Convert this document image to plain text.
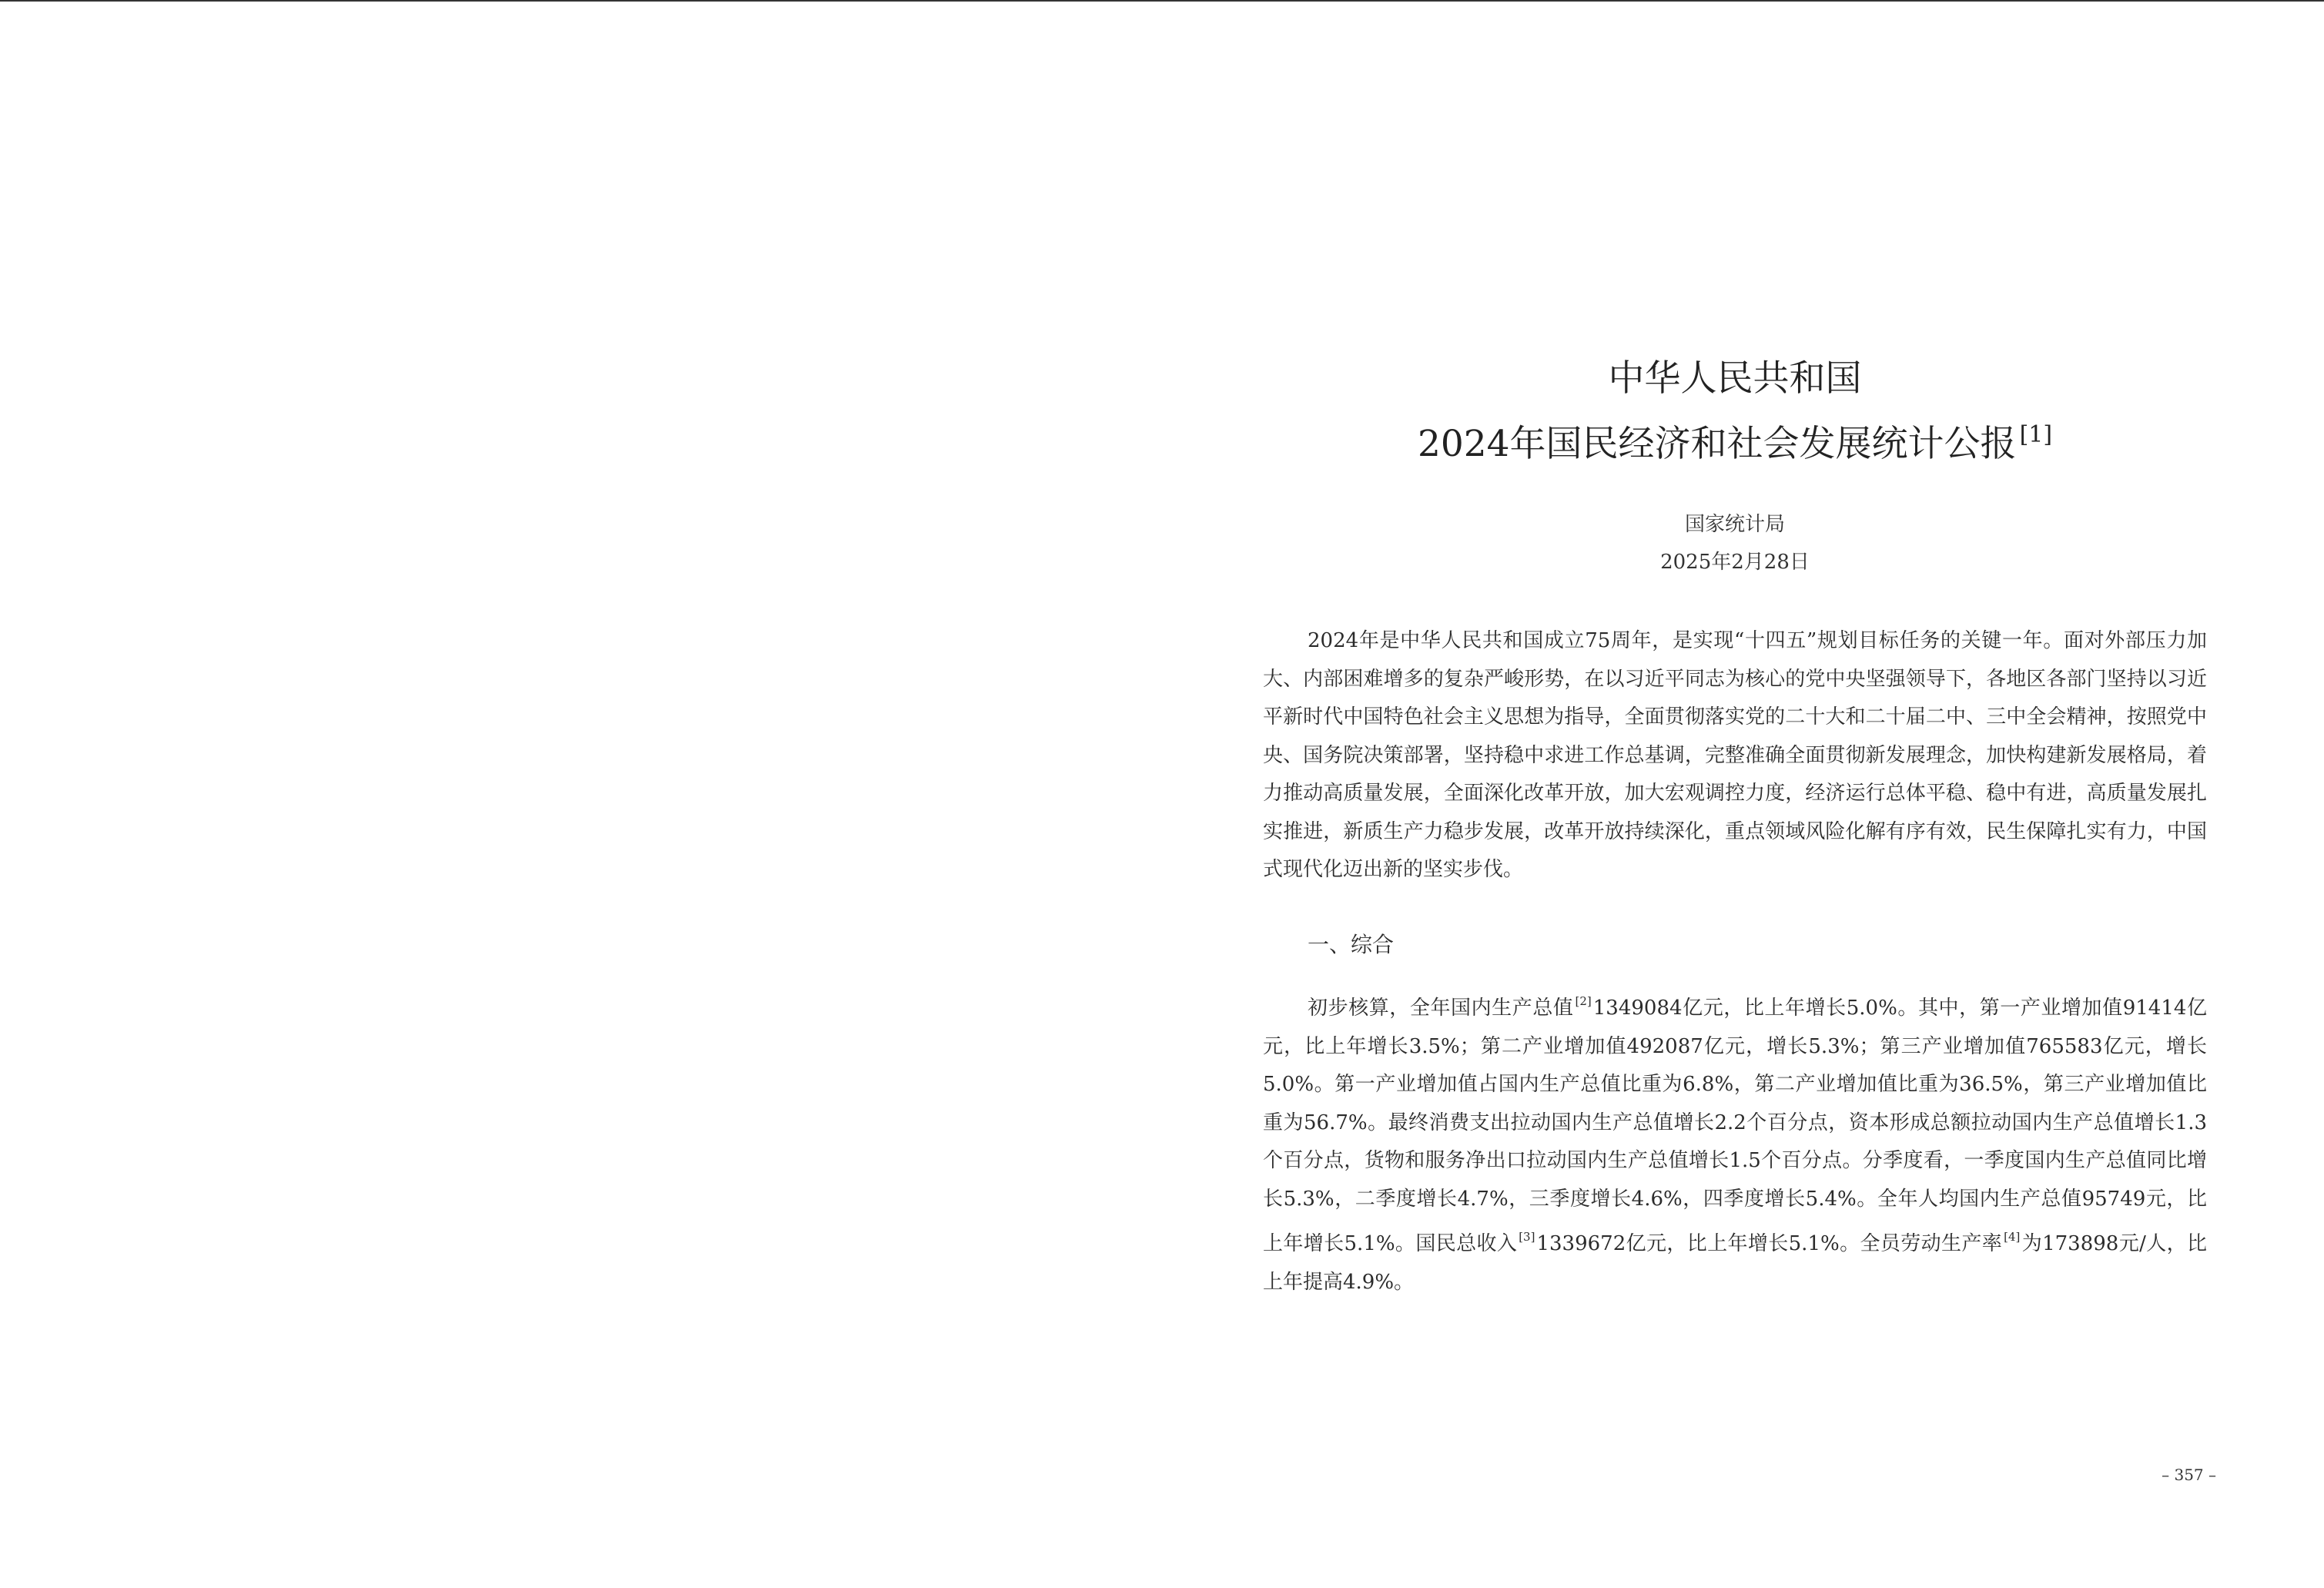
中华人民共和国
2024年国民经济和社会发展统计公报 [1]
国家统计局
2025年2月28日

2024年是中华人民共和国成立75周年，是实现“十四五”规划目标任务的关键一年。面对外部压力加大、内部困难增多的复杂严峻形势，在以习近平同志为核心的党中央坚强领导下，各地区各部门坚持以习近平新时代中国特色社会主义思想为指导，全面贯彻落实党的二十大和二十届二中、三中全会精神，按照党中央、国务院决策部署，坚持稳中求进工作总基调，完整准确全面贯彻新发展理念，加快构建新发展格局，着力推动高质量发展，全面深化改革开放，加大宏观调控力度，经济运行总体平稳、稳中有进，高质量发展扎实推进，新质生产力稳步发展，改革开放持续深化，重点领域风险化解有序有效，民生保障扎实有力，中国式现代化迈出新的坚实步伐。

一、综合

初步核算，全年国内生产总值 [2]1349084亿元，比上年增长5.0%。其中，第一产业增加值91414亿元，比上年增长3.5%；第二产业增加值492087亿元，增长5.3%；第三产业增加值765583亿元，增长5.0%。第一产业增加值占国内生产总值比重为6.8%，第二产业增加值比重为36.5%，第三产业增加值比重为56.7%。最终消费支出拉动国内生产总值增长2.2个百分点，资本形成总额拉动国内生产总值增长1.3个百分点，货物和服务净出口拉动国内生产总值增长1.5个百分点。分季度看，一季度国内生产总值同比增长5.3%，二季度增长4.7%，三季度增长4.6%，四季度增长5.4%。全年人均国内生产总值95749元，比上年增长5.1%。国民总收入 [3]1339672亿元，比上年增长5.1%。全员劳动生产率 [4]为173898元/人，比上年提高4.9%。

– 357 –
